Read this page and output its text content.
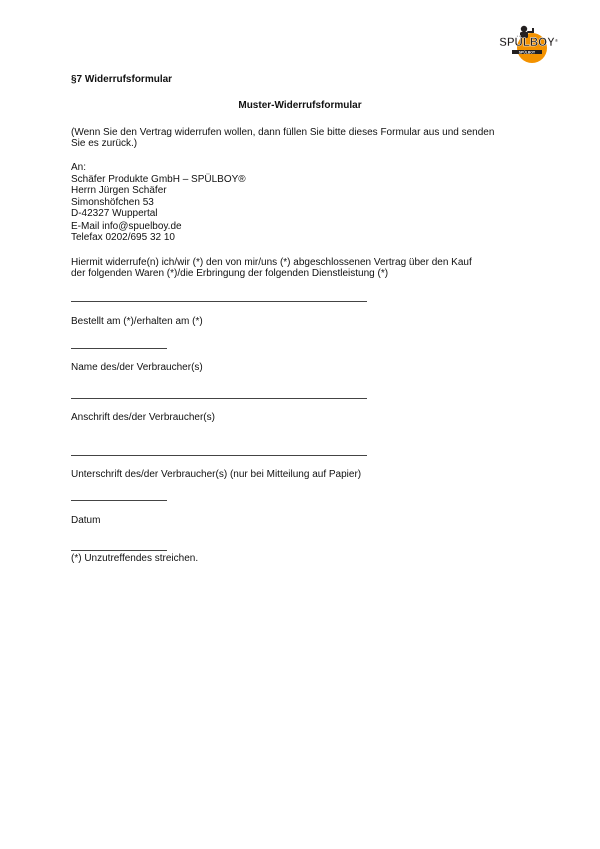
SPÜLBOY
SPÜLBOY
®
§7 Widerrufsformular
Muster-Widerrufsformular
(Wenn Sie den Vertrag widerrufen wollen, dann füllen Sie bitte dieses Formular aus und senden
Sie es zurück.)
An:
Schäfer Produkte GmbH – SPÜLBOY®
Herrn Jürgen Schäfer
Simonshöfchen 53
D-42327 Wuppertal
E-Mail info@spuelboy.de
Telefax 0202/695 32 10
Hiermit widerrufe(n) ich/wir (*) den von mir/uns (*) abgeschlossenen Vertrag über den Kauf
der folgenden Waren (*)/die Erbringung der folgenden Dienstleistung (*)
Bestellt am (*)/erhalten am (*)
Name des/der Verbraucher(s)
Anschrift des/der Verbraucher(s)
Unterschrift des/der Verbraucher(s) (nur bei Mitteilung auf Papier)
Datum
(*) Unzutreffendes streichen.
